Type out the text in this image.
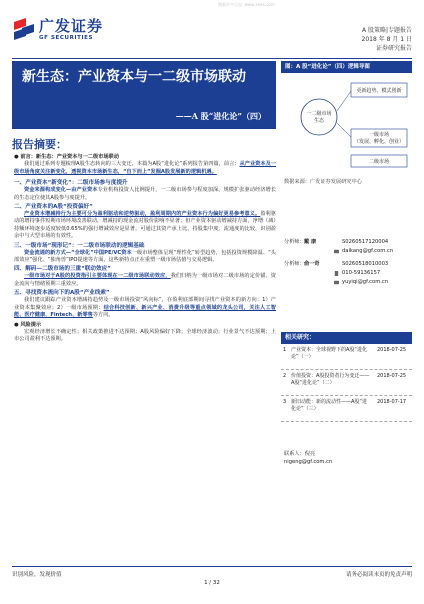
搜索更多尽在: www.xxxx.com
广发证券
GF SECURITIES
A 股策略|专题报告
2018 年 8 月 1 日
证券研究报告
新生态：产业资本与一二级市场联动
——A 股“进化论”（四）
图：A 股“进化论”（四）逻辑导图
更新趋势、模式创新
一二级市场
生态
一级市场
（发展、孵化、创业）
二级市场
报告摘要：
● 前言：新生态：产业资本与一二级市场联动
我们通过系列专题梳理A股生态转向的三大变迁，本篇为A股“进化论”系列报告第四篇，前言：从产业资本及一级市场角度关注新变化，透视资本市场新生态，“自下而上”发掘A股发展新的逻辑机遇。
一、产业资本“新变化”：二级市场参与度提升
资金来源构成变化—由产业资本专业机构投资人比例提升，一二级市场参与程度加深，规模扩张驱动经济增长的生态定位使其A股参与度提升。
二、产业资本的A股“投资偏好”
产业资本增减持行为主要可分为盈利驱动和逆势驱动，盈利周期内的产业资本行为偏好更易参考意义。盈利驱动的增持事件短期市场环境改善联动，增减持的现金流对股价影响不显著；但产业资本驱动增减持方面，净增（减）持额环境逐步适度较低0.65%的强行增减效应是显著。可通过其资产承上比、持股集中度、流通度的比较，识别盈余中与大型市场的有效性。
三、一级市场“现形记”：一二级市场联动的逻辑基础
资金流通的新方式—“全球化”中国PE/VC资本一级市场整体呈现“理性化”转型趋势，包括投资规模降温、“头部效应”强化、“独角兽”IPO提速等方面，这些新特点正在重塑一级市场估值与交易逻辑。
四、解码—二级市场的三重“联动效应”
一级市场对于A股的投资指引主要体现在一二级市场联动效应，我们归纳为一级市场对二级市场的定价锚、资金流向与情绪预期三重效应。
五、寻找资本流向下的A股“产业线索”
我们建议跟踪产业资本增减持趋势及一级市场投资“风向标”，在盈利底部期间寻找产业资本的新方向：1）产业资本集聚效应；2）一级市场预期：结合科技创新、新兴产业、消费升级等重点领域的龙头公司，关注人工智能、医疗健康、Fintech、新零售等方向。
● 风险提示
宏观经济增长不确定性；相关政策推进不达预期；A股风险偏好下降；全球经济波动；行业景气不达预期；上市公司盈利不达预期。
数据来源：广发证券发展研究中心
分析师： 戴 康	S0260517120004
daikang@gf.com.cn
分析师： 俞一奇	S0260518010003
010-59136157
yuyiqi@gf.com.cn
相关研究：
1 产业资本：全球视野下的A股“进化论”（一）
2018-07-25
2 价值投资：A股投资者行为变迁——A股“进化论”（二）
2018-07-25
3 新旧动能：新的流动性——A股“进化论”（三）
2018-07-17
联系人：倪亮
nigeng@gf.com.cn
识别风险，发现价值	请务必阅读末页的免责声明
1 / 32
